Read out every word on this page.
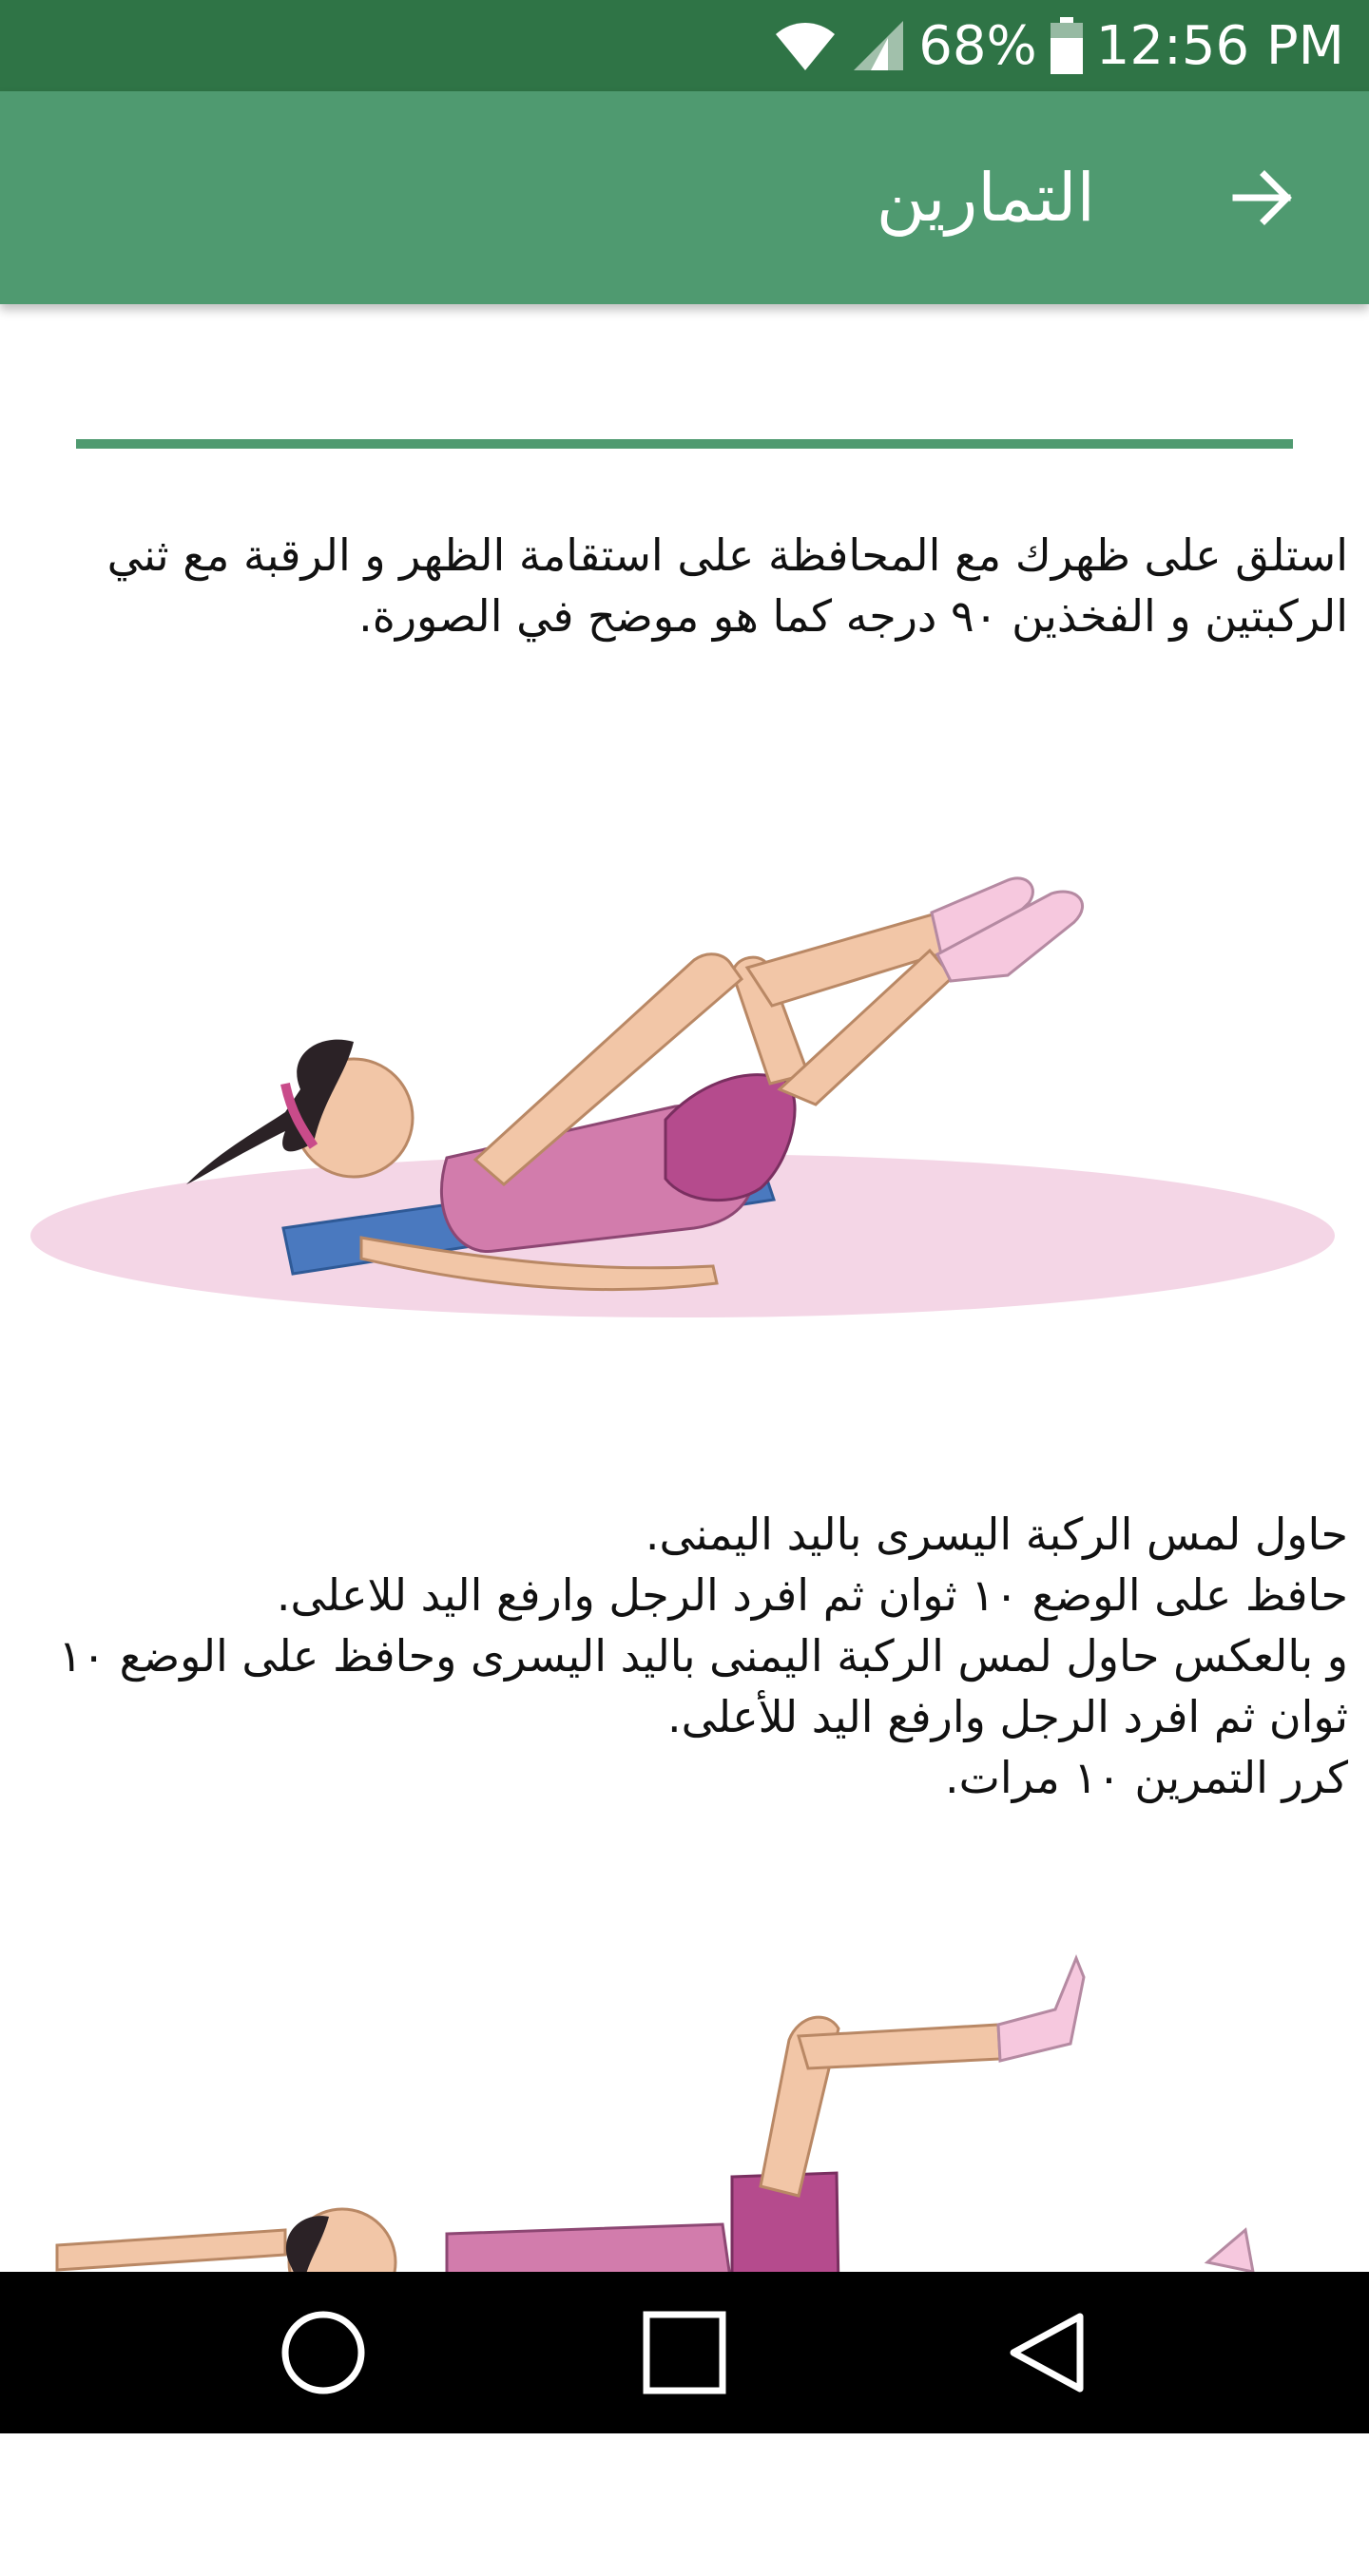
68% 12:56 PM
التمارين
استلق على ظهرك مع المحافظة على استقامة الظهر و الرقبة مع ثني الركبتين و الفخذين ٩٠ درجه كما هو موضح في الصورة.
حاول لمس الركبة اليسرى باليد اليمنى.
حافظ على الوضع ١٠ ثوان ثم افرد الرجل وارفع اليد للاعلى.
و بالعكس حاول لمس الركبة اليمنى باليد اليسرى وحافظ على الوضع ١٠ ثوان ثم افرد الرجل وارفع اليد للأعلى.
كرر التمرين ١٠ مرات.
